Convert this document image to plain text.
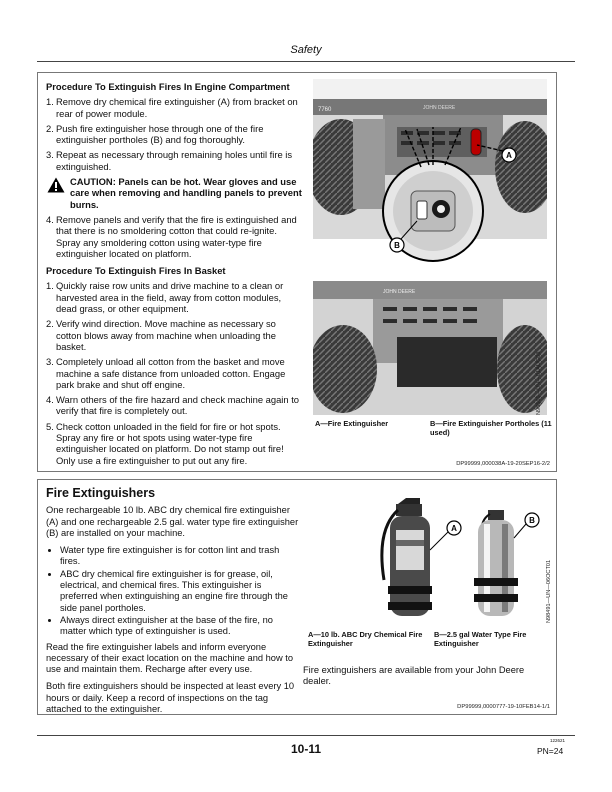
Safety
Procedure To Extinguish Fires In Engine Compartment
1. Remove dry chemical fire extinguisher (A) from bracket on rear of power module.
2. Push fire extinguisher hose through one of the fire extinguisher portholes (B) and fog thoroughly.
3. Repeat as necessary through remaining holes until fire is extinguished.
CAUTION: Panels can be hot. Wear gloves and use care when removing and handling panels to prevent burns.
4. Remove panels and verify that the fire is extinguished and that there is no smoldering cotton that could re-ignite. Spray any smoldering cotton using water-type fire extinguisher located on platform.
Procedure To Extinguish Fires In Basket
1. Quickly raise row units and drive machine to a clean or harvested area in the field, away from cotton modules, dead grass, or other equipment.
2. Verify wind direction. Move machine as necessary so cotton blows away from machine when unloading the basket.
3. Completely unload all cotton from the basket and move machine a safe distance from unloaded cotton. Engage park brake and shut off engine.
4. Warn others of the fire hazard and check machine again to verify that fire is completely out.
5. Check cotton unloaded in the field for fire or hot spots. Spray any fire or hot spots using water-type fire extinguisher located on platform. Do not stamp out fire! Only use a fire extinguisher to put out any fire.
7760	JOHN DEERE
B
A
JOHN DEERE
N96660—UN—01AUG08
A—Fire Extinguisher	B—Fire Extinguisher Portholes (11 used)
DP99999,000038A-19-20SEP16-2/2
Fire Extinguishers

One rechargeable 10 lb. ABC dry chemical fire extinguisher (A) and one rechargeable 2.5 gal. water type fire extinguisher (B) are installed on your machine.

• Water type fire extinguisher is for cotton lint and trash fires.
• ABC dry chemical fire extinguisher is for grease, oil, electrical, and chemical fires. This extinguisher is preferred when extinguishing an engine fire through the side panel portholes.
• Always direct extinguisher at the base of the fire, no matter which type of extinguisher is used.

Read the fire extinguisher labels and inform everyone necessary of their exact location on the machine and how to use and maintain them. Recharge after every use.

Both fire extinguishers should be inspected at least every 10 hours or daily. Keep a record of inspections on the tag attached to the extinguisher.

A
B
N98491—UN—06OCT01
A—10 lb. ABC Dry Chemical Fire Extinguisher
B—2.5 gal Water Type Fire Extinguisher
Fire extinguishers are available from your John Deere dealer.
DP99999,0000777-19-10FEB14-1/1
122621
10-11	PN=24
